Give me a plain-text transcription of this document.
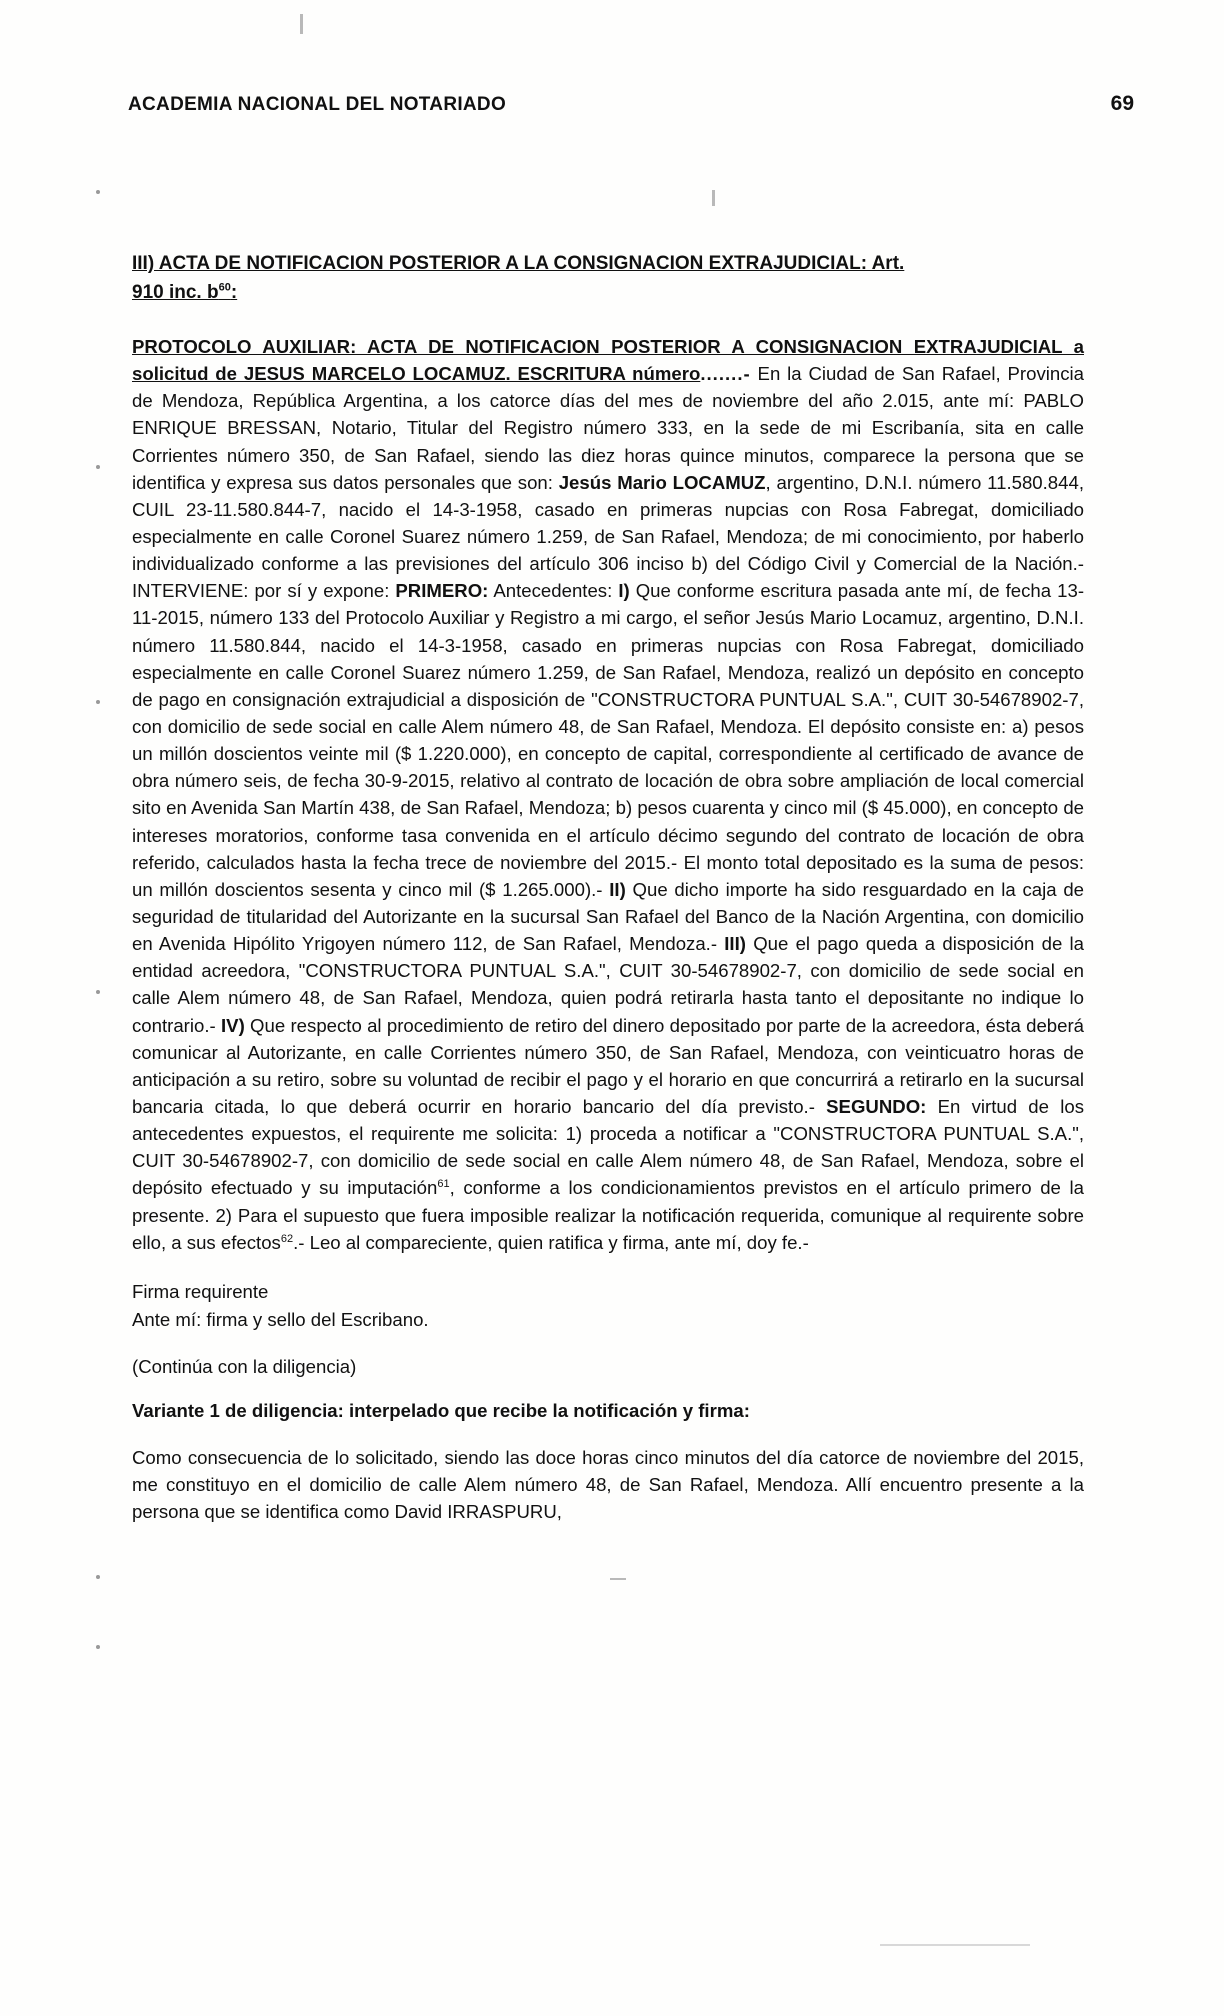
ACADEMIA NACIONAL DEL NOTARIADO	69
III) ACTA DE NOTIFICACION POSTERIOR A LA CONSIGNACION EXTRAJUDICIAL: Art.
910 inc. $b^{60}$:

PROTOCOLO AUXILIAR: ACTA DE NOTIFICACION POSTERIOR A CONSIGNACION EXTRAJUDICIAL a solicitud de JESUS MARCELO LOCAMUZ. ESCRITURA número.......- En la Ciudad de San Rafael, Provincia de Mendoza, República Argentina, a los catorce días del mes de noviembre del año 2.015, ante mí: PABLO ENRIQUE BRESSAN, Notario, Titular del Registro número 333, en la sede de mi Escribanía, sita en calle Corrientes número 350, de San Rafael, siendo las diez horas quince minutos, comparece la persona que se identifica y expresa sus datos personales que son: Jesús Mario LOCAMUZ, argentino, D.N.I. número 11.580.844, CUIL 23-11.580.844-7, nacido el 14-3-1958, casado en primeras nupcias con Rosa Fabregat, domiciliado especialmente en calle Coronel Suarez número 1.259, de San Rafael, Mendoza; de mi conocimiento, por haberlo individualizado conforme a las previsiones del artículo 306 inciso b) del Código Civil y Comercial de la Nación.- INTERVIENE: por sí y expone: PRIMERO: Antecedentes: I) Que conforme escritura pasada ante mí, de fecha 13-11-2015, número 133 del Protocolo Auxiliar y Registro a mi cargo, el señor Jesús Mario Locamuz, argentino, D.N.I. número 11.580.844, nacido el 14-3-1958, casado en primeras nupcias con Rosa Fabregat, domiciliado especialmente en calle Coronel Suarez número 1.259, de San Rafael, Mendoza, realizó un depósito en concepto de pago en consignación extrajudicial a disposición de "CONSTRUCTORA PUNTUAL S.A.", CUIT 30-54678902-7, con domicilio de sede social en calle Alem número 48, de San Rafael, Mendoza. El depósito consiste en: a) pesos un millón doscientos veinte mil ($ 1.220.000), en concepto de capital, correspondiente al certificado de avance de obra número seis, de fecha 30-9-2015, relativo al contrato de locación de obra sobre ampliación de local comercial sito en Avenida San Martín 438, de San Rafael, Mendoza; b) pesos cuarenta y cinco mil ($ 45.000), en concepto de intereses moratorios, conforme tasa convenida en el artículo décimo segundo del contrato de locación de obra referido, calculados hasta la fecha trece de noviembre del 2015.- El monto total depositado es la suma de pesos: un millón doscientos sesenta y cinco mil ($ 1.265.000).- II) Que dicho importe ha sido resguardado en la caja de seguridad de titularidad del Autorizante en la sucursal San Rafael del Banco de la Nación Argentina, con domicilio en Avenida Hipólito Yrigoyen número 112, de San Rafael, Mendoza.- III) Que el pago queda a disposición de la entidad acreedora, "CONSTRUCTORA PUNTUAL S.A.", CUIT 30-54678902-7, con domicilio de sede social en calle Alem número 48, de San Rafael, Mendoza, quien podrá retirarla hasta tanto el depositante no indique lo contrario.- IV) Que respecto al procedimiento de retiro del dinero depositado por parte de la acreedora, ésta deberá comunicar al Autorizante, en calle Corrientes número 350, de San Rafael, Mendoza, con veinticuatro horas de anticipación a su retiro, sobre su voluntad de recibir el pago y el horario en que concurrirá a retirarlo en la sucursal bancaria citada, lo que deberá ocurrir en horario bancario del día previsto.- SEGUNDO: En virtud de los antecedentes expuestos, el requirente me solicita: 1) proceda a notificar a "CONSTRUCTORA PUNTUAL S.A.", CUIT 30-54678902-7, con domicilio de sede social en calle Alem número 48, de San Rafael, Mendoza, sobre el depósito efectuado y su imputación$^{61}$, conforme a los condicionamientos previstos en el artículo primero de la presente. 2) Para el supuesto que fuera imposible realizar la notificación requerida, comunique al requirente sobre ello, a sus efectos$^{62}$.- Leo al compareciente, quien ratifica y firma, ante mí, doy fe.-

Firma requirente
Ante mí: firma y sello del Escribano.
(Continúa con la diligencia)
Variante 1 de diligencia: interpelado que recibe la notificación y firma:
Como consecuencia de lo solicitado, siendo las doce horas cinco minutos del día catorce de noviembre del 2015, me constituyo en el domicilio de calle Alem número 48, de San Rafael, Mendoza. Allí encuentro presente a la persona que se identifica como David IRRASPURU,
